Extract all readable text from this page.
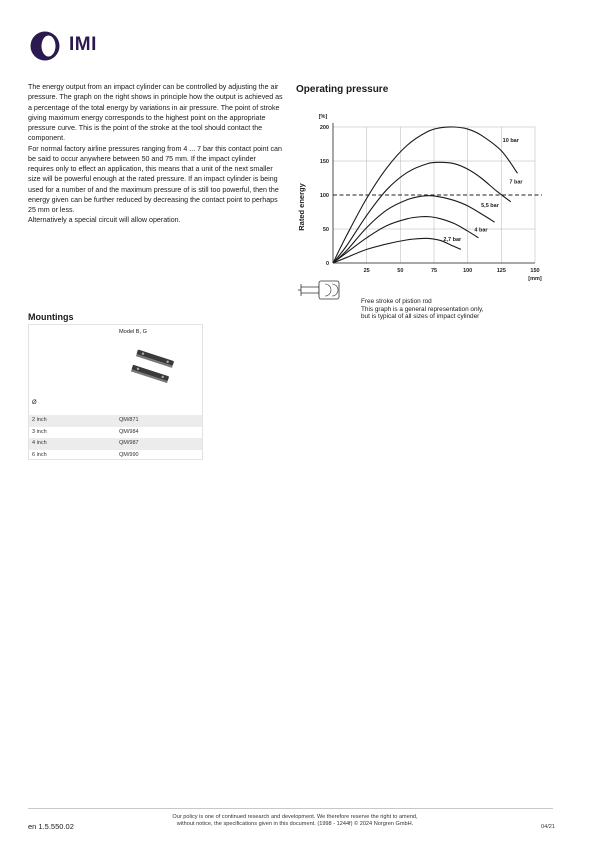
IMI

The energy output from an impact cylinder can be controlled by adjusting the air pressure. The graph on the right shows in principle how the output is achieved as a percentage of the total energy by variations in air pressure. The point of stroke giving maximum energy corresponds to the highest point on the appropriate pressure curve. This is the point of the stroke at the tool should contact the component.

For normal factory airline pressures ranging from 4 ... 7 bar this contact point can be said to occur anywhere between 50 and 75 mm. If the impact cylinder requires only to effect an application, this means that a unit of the next smaller size will be powerful enough at the rated pressure. If an impact cylinder is being used for a number of and the maximum pressure of is still too powerful, then the energy given can be further reduced by decreasing the contact point to perhaps 25 mm or less.

Alternatively a special circuit will allow operation.

Operating pressure
0
50
100
150
200
25	50	75	100	125	150
[%]
[mm]
Rated energy
10 bar
7 bar
5,5 bar
4 bar
2,7 bar
Free stroke of pistion rod
This graph is a general representation only,
but is typical of all sizes of impact cylinder
Mountings
Model B, G
Ø
2 inch	QM/871
3 inch	QM/984
4 inch	QM/987
6 inch	QM/990
en 1.5.550.02
Our policy is one of continued research and development. We therefore reserve the right to amend,
without notice, the specifications given in this document. (1998 - 1244f) © 2024 Norgren GmbH.	04/21
